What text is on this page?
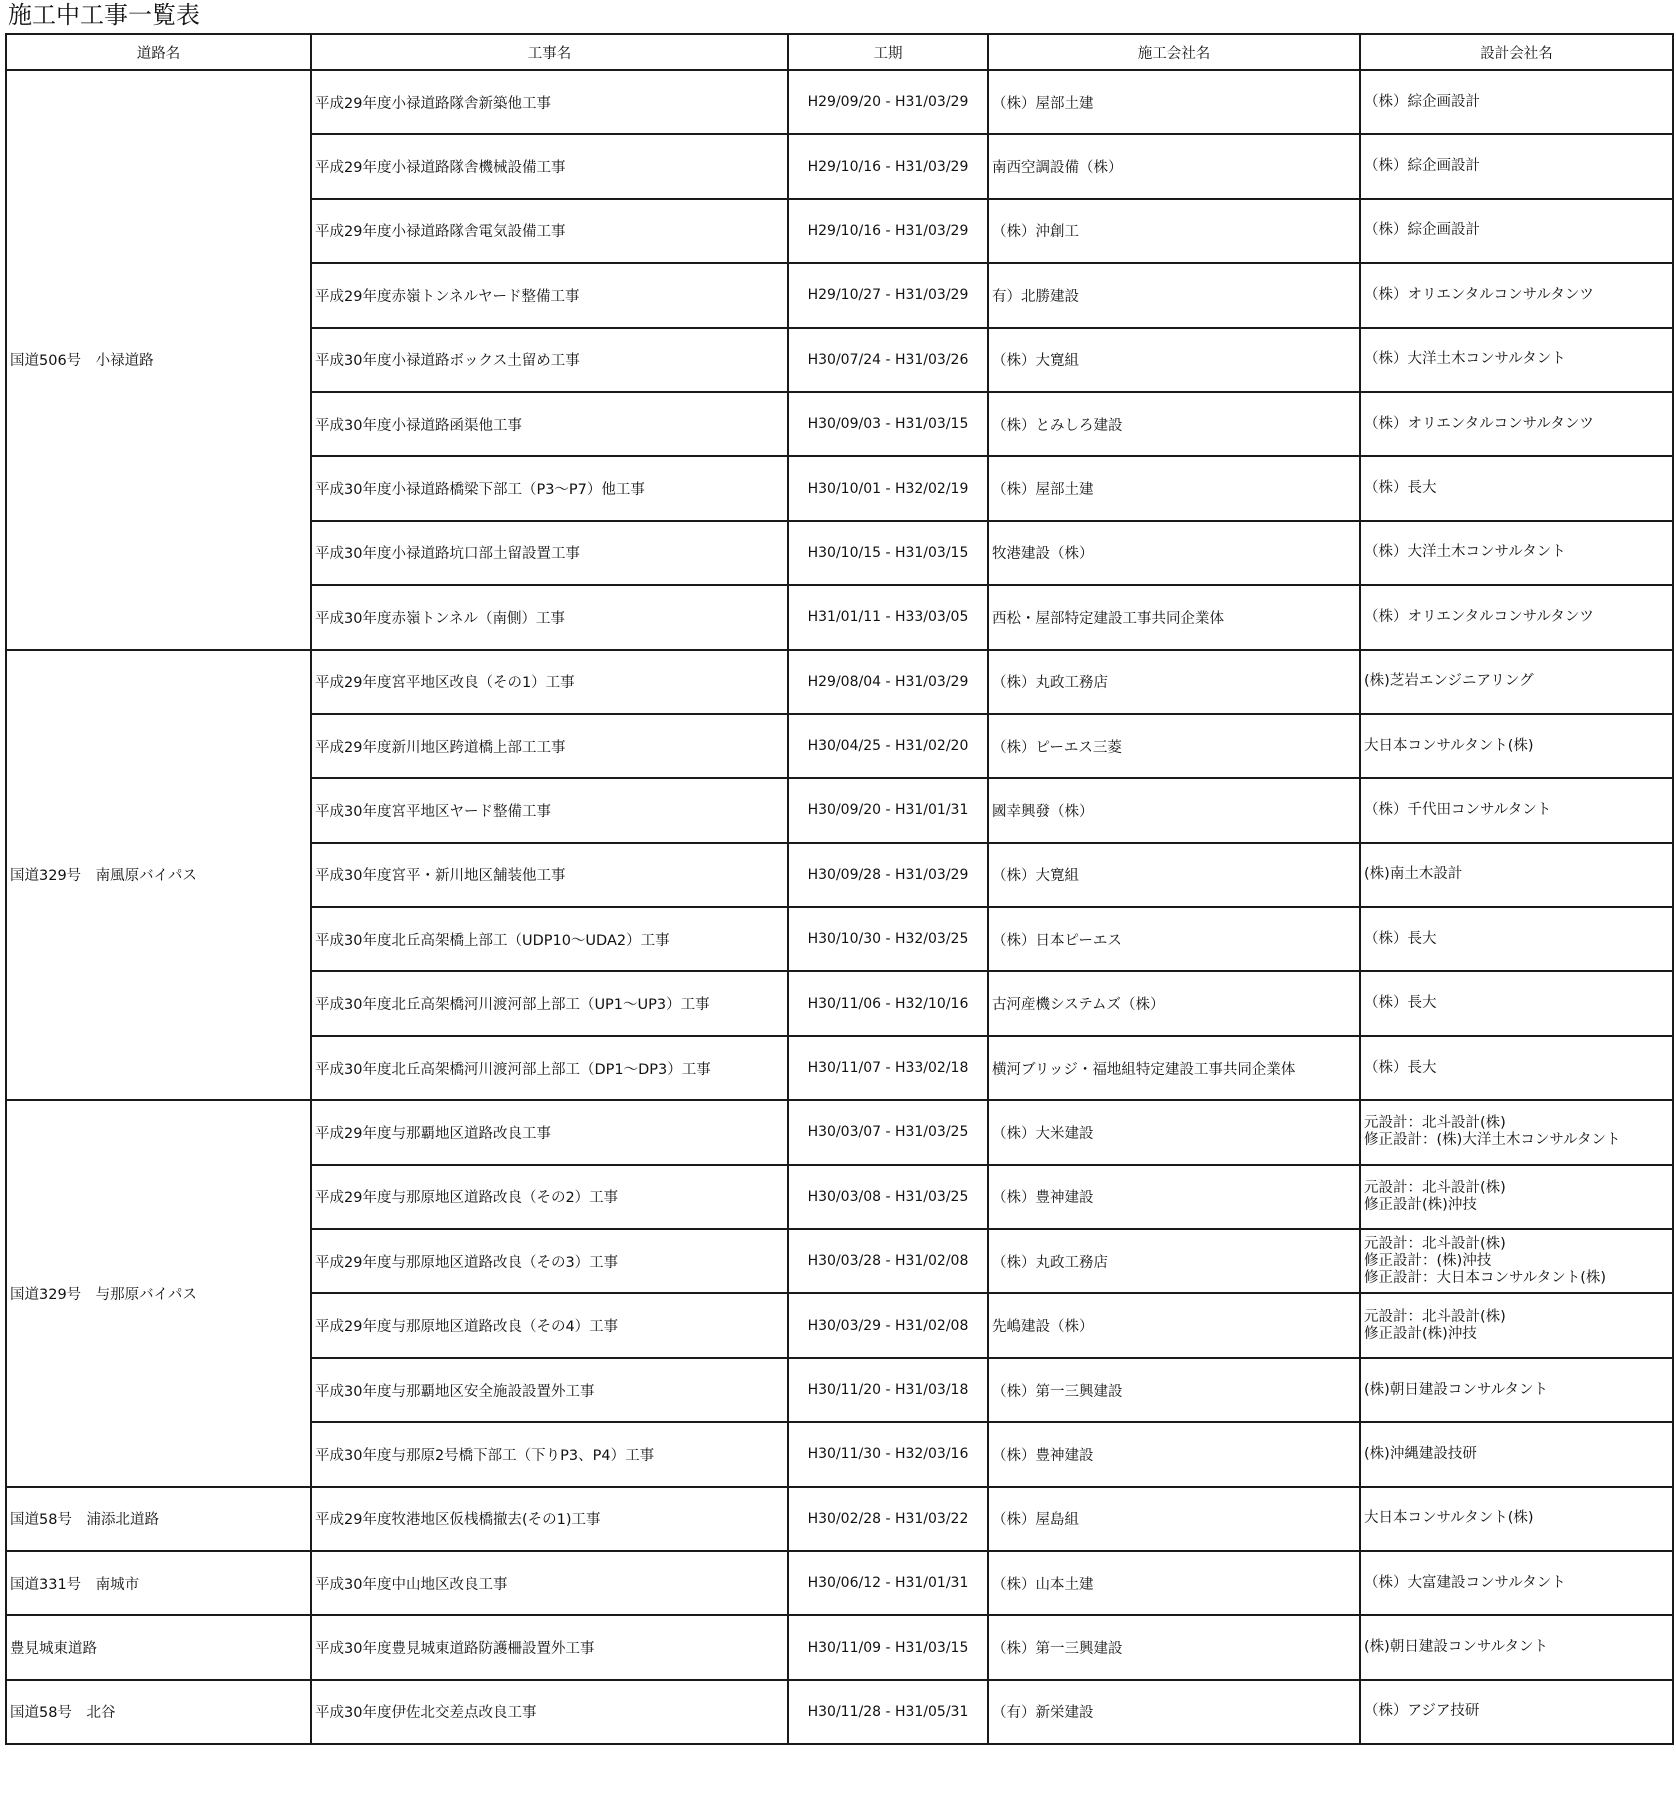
施工中工事一覧表
道路名	工事名	工期	施工会社名	設計会社名
国道506号　小禄道路	平成29年度小禄道路隊舎新築他工事	H29/09/20 - H31/03/29	（株）屋部土建	（株）綜企画設計

	平成29年度小禄道路隊舎機械設備工事	H29/10/16 - H31/03/29	南西空調設備（株）	（株）綜企画設計

	平成29年度小禄道路隊舎電気設備工事	H29/10/16 - H31/03/29	（株）沖創工	（株）綜企画設計

	平成29年度赤嶺トンネルヤード整備工事	H29/10/27 - H31/03/29	有）北勝建設	（株）オリエンタルコンサルタンツ

	平成30年度小禄道路ボックス土留め工事	H30/07/24 - H31/03/26	（株）大寛組	（株）大洋土木コンサルタント

	平成30年度小禄道路函渠他工事	H30/09/03 - H31/03/15	（株）とみしろ建設	（株）オリエンタルコンサルタンツ

	平成30年度小禄道路橋梁下部工（P3～P7）他工事	H30/10/01 - H32/02/19	（株）屋部土建	（株）長大

	平成30年度小禄道路坑口部土留設置工事	H30/10/15 - H31/03/15	牧港建設（株）	（株）大洋土木コンサルタント

	平成30年度赤嶺トンネル（南側）工事	H31/01/11 - H33/03/05	西松・屋部特定建設工事共同企業体	（株）オリエンタルコンサルタンツ

国道329号　南風原バイパス	平成29年度宮平地区改良（その1）工事	H29/08/04 - H31/03/29	（株）丸政工務店	(株)芝岩エンジニアリング

	平成29年度新川地区跨道橋上部工工事	H30/04/25 - H31/02/20	（株）ピーエス三菱	大日本コンサルタント(株)

	平成30年度宮平地区ヤード整備工事	H30/09/20 - H31/01/31	國幸興發（株）	（株）千代田コンサルタント

	平成30年度宮平・新川地区舗装他工事	H30/09/28 - H31/03/29	（株）大寛組	(株)南土木設計

	平成30年度北丘高架橋上部工（UDP10～UDA2）工事	H30/10/30 - H32/03/25	（株）日本ピーエス	（株）長大

	平成30年度北丘高架橋河川渡河部上部工（UP1～UP3）工事	H30/11/06 - H32/10/16	古河産機システムズ（株）	（株）長大

	平成30年度北丘高架橋河川渡河部上部工（DP1～DP3）工事	H30/11/07 - H33/02/18	横河ブリッジ・福地組特定建設工事共同企業体	（株）長大

国道329号　与那原バイパス	平成29年度与那覇地区道路改良工事	H30/03/07 - H31/03/25	（株）大米建設	元設計：北斗設計(株)
修正設計：(株)大洋土木コンサルタント

	平成29年度与那原地区道路改良（その2）工事	H30/03/08 - H31/03/25	（株）豊神建設	元設計：北斗設計(株)
修正設計(株)沖技

	平成29年度与那原地区道路改良（その3）工事	H30/03/28 - H31/02/08	（株）丸政工務店	元設計：北斗設計(株)
修正設計：(株)沖技
修正設計：大日本コンサルタント(株)

	平成29年度与那原地区道路改良（その4）工事	H30/03/29 - H31/02/08	先嶋建設（株）	元設計：北斗設計(株)
修正設計(株)沖技

	平成30年度与那覇地区安全施設設置外工事	H30/11/20 - H31/03/18	（株）第一三興建設	(株)朝日建設コンサルタント

	平成30年度与那原2号橋下部工（下りP3、P4）工事	H30/11/30 - H32/03/16	（株）豊神建設	(株)沖縄建設技研

国道58号　浦添北道路	平成29年度牧港地区仮桟橋撤去(その1)工事	H30/02/28 - H31/03/22	（株）屋島組	大日本コンサルタント(株)

国道331号　南城市	平成30年度中山地区改良工事	H30/06/12 - H31/01/31	（株）山本土建	（株）大富建設コンサルタント

豊見城東道路	平成30年度豊見城東道路防護柵設置外工事	H30/11/09 - H31/03/15	（株）第一三興建設	(株)朝日建設コンサルタント

国道58号　北谷	平成30年度伊佐北交差点改良工事	H30/11/28 - H31/05/31	（有）新栄建設	（株）アジア技研
